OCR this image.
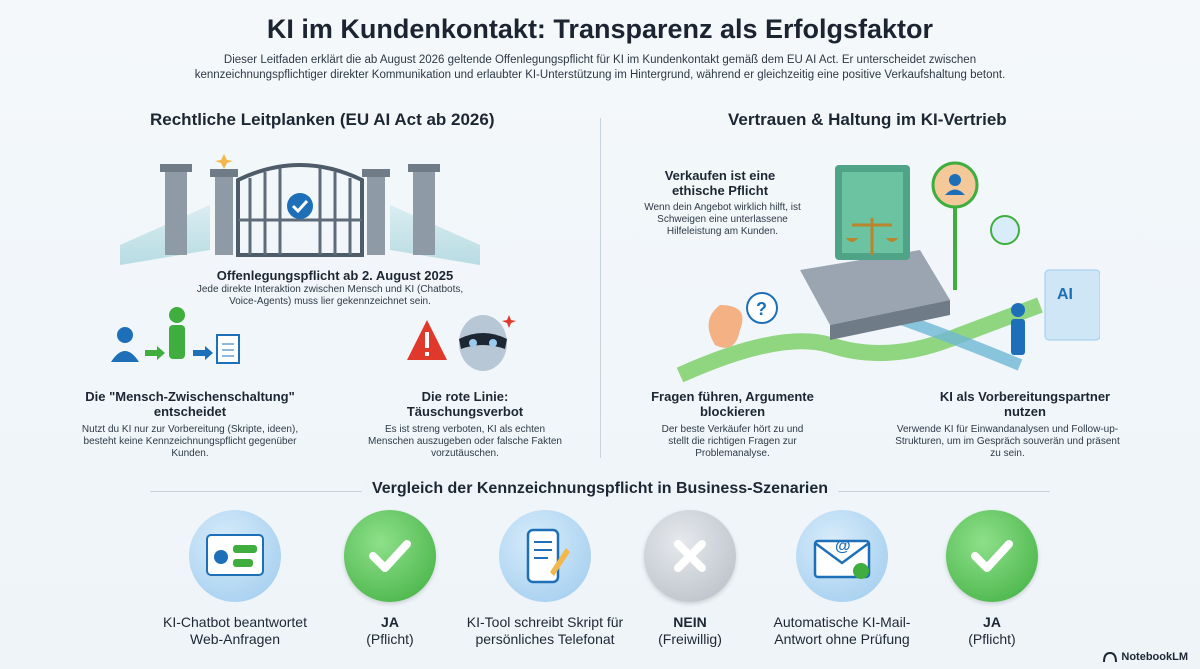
KI im Kundenkontakt: Transparenz als Erfolgsfaktor
Dieser Leitfaden erklärt die ab August 2026 geltende Offenlegungspflicht für KI im Kundenkontakt gemäß dem EU AI Act. Er unterscheidet zwischen
kennzeichnungspflichtiger direkter Kommunikation und erlaubter KI-Unterstützung im Hintergrund, während er gleichzeitig eine positive Verkaufshaltung betont.
Rechtliche Leitplanken (EU AI Act ab 2026)
Offenlegungspflicht ab 2. August 2025
Jede direkte Interaktion zwischen Mensch und KI (Chatbots, Voice-Agents) muss lier gekennzeichnet sein.
Die "Mensch-Zwischenschaltung" entscheidet
Nutzt du KI nur zur Vorbereitung (Skripte, ideen), besteht keine Kennzeichnungspflicht gegenüber Kunden.
Die rote Linie: Täuschungsverbot
Es ist streng verboten, KI als echten Menschen auszugeben oder falsche Fakten vorzutäuschen.
Vertrauen & Haltung im KI-Vertrieb
Verkaufen ist eine ethische Pflicht
Wenn dein Angebot wirklich hilft, ist Schweigen eine unterlassene Hilfeleistung am Kunden.
?
AI
Fragen führen, Argumente blockieren
Der beste Verkäufer hört zu und stellt die richtigen Fragen zur Problemanalyse.
KI als Vorbereitungspartner nutzen
Verwende KI für Einwandanalysen und Follow-up-Strukturen, um im Gespräch souverän und präsent zu sein.
Vergleich der Kennzeichnungspflicht in Business-Szenarien
KI-Chatbot beantwortet
Web-Anfragen
JA
(Pflicht)
KI-Tool schreibt Skript für
persönliches Telefonat
NEIN
(Freiwillig)
@
Automatische KI-Mail-
Antwort ohne Prüfung
JA
(Pflicht)
NotebookLM
